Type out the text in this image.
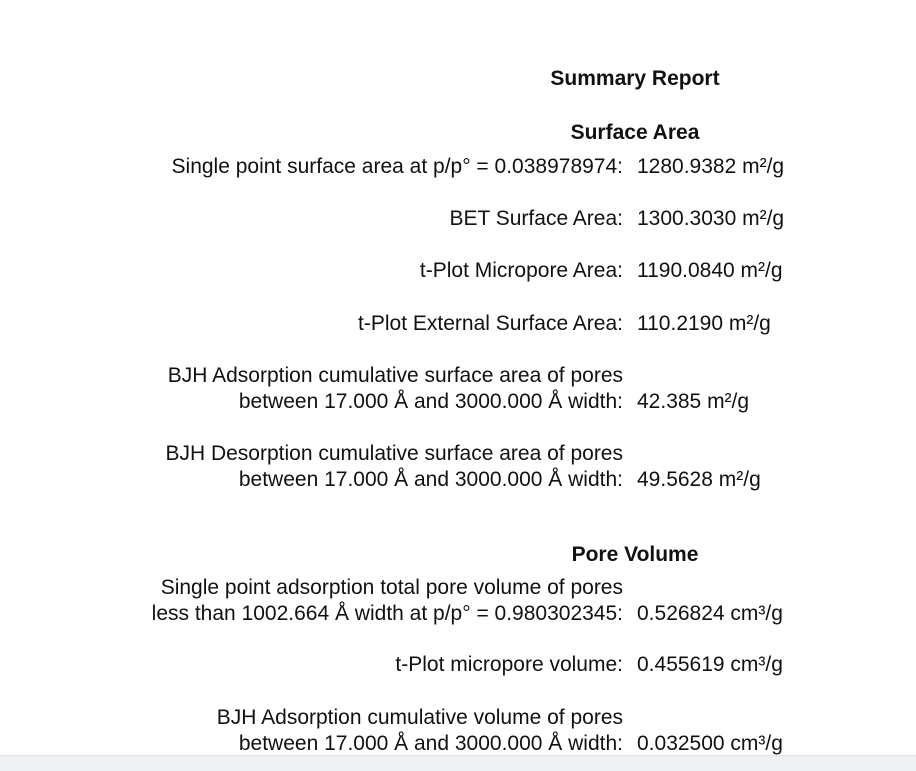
Summary Report
Surface Area
Single point surface area at p/p° = 0.038978974: 1280.9382 m²/g
BET Surface Area: 1300.3030 m²/g
t-Plot Micropore Area: 1190.0840 m²/g
t-Plot External Surface Area: 110.2190 m²/g
BJH Adsorption cumulative surface area of pores
between 17.000 Å and 3000.000 Å width: 42.385 m²/g
BJH Desorption cumulative surface area of pores
between 17.000 Å and 3000.000 Å width: 49.5628 m²/g
Pore Volume
Single point adsorption total pore volume of pores
less than 1002.664 Å width at p/p° = 0.980302345: 0.526824 cm³/g
t-Plot micropore volume: 0.455619 cm³/g
BJH Adsorption cumulative volume of pores
between 17.000 Å and 3000.000 Å width: 0.032500 cm³/g
